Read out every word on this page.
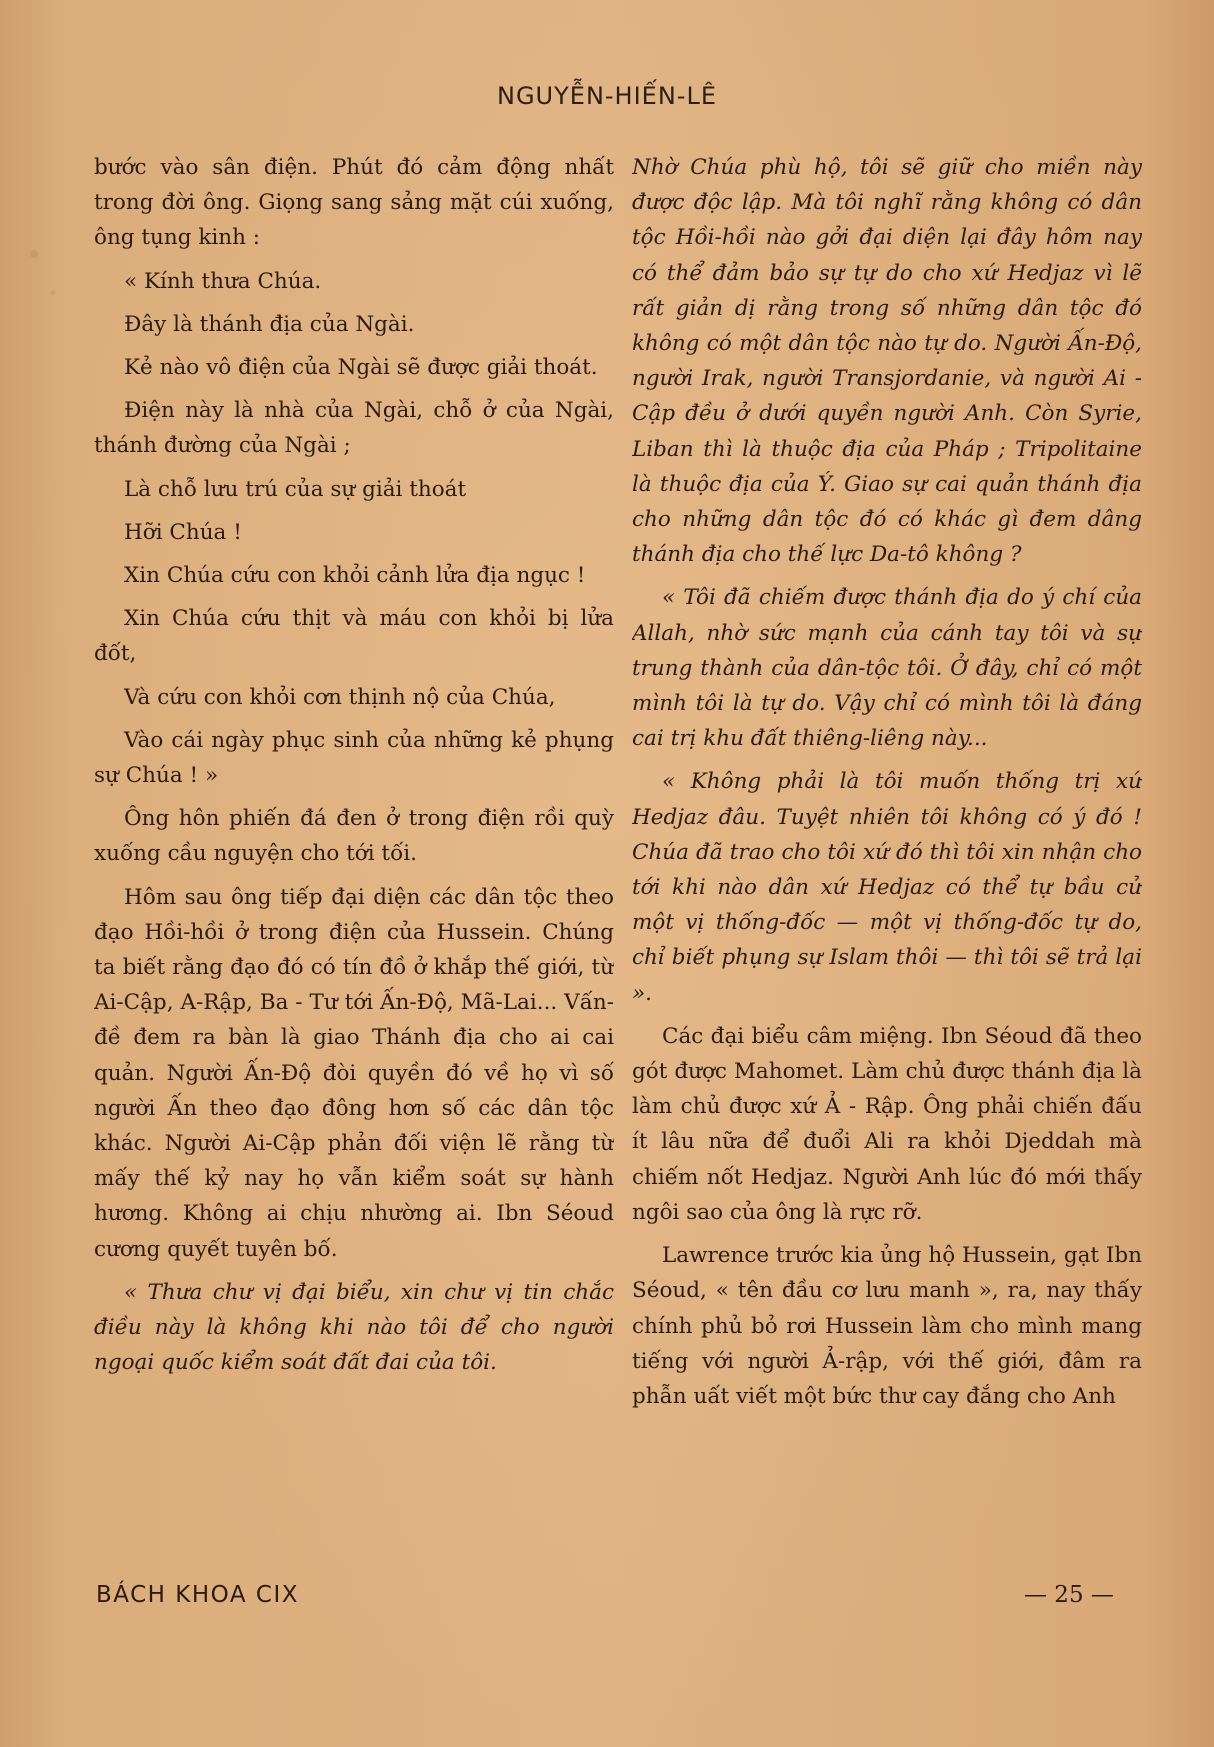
NGUYỄN-HIẾN-LÊ

bước vào sân điện. Phút đó cảm động nhất trong đời ông. Giọng sang sảng mặt cúi xuống, ông tụng kinh :

« Kính thưa Chúa.

Đây là thánh địa của Ngài.

Kẻ nào vô điện của Ngài sẽ được giải thoát.

Điện này là nhà của Ngài, chỗ ở của Ngài, thánh đường của Ngài ;

Là chỗ lưu trú của sự giải thoát

Hỡi Chúa !

Xin Chúa cứu con khỏi cảnh lửa địa ngục !

Xin Chúa cứu thịt và máu con khỏi bị lửa đốt,

Và cứu con khỏi cơn thịnh nộ của Chúa,

Vào cái ngày phục sinh của những kẻ phụng sự Chúa ! »

Ông hôn phiến đá đen ở trong điện rồi quỳ xuống cầu nguyện cho tới tối.

Hôm sau ông tiếp đại diện các dân tộc theo đạo Hồi-hồi ở trong điện của Hussein. Chúng ta biết rằng đạo đó có tín đồ ở khắp thế giới, từ Ai-Cập, A-Rập, Ba - Tư tới Ấn-Độ, Mã-Lai... Vấn-đề đem ra bàn là giao Thánh địa cho ai cai quản. Người Ấn-Độ đòi quyền đó về họ vì số người Ấn theo đạo đông hơn số các dân tộc khác. Người Ai-Cập phản đối viện lẽ rằng từ mấy thế kỷ nay họ vẫn kiểm soát sự hành hương. Không ai chịu nhường ai. Ibn Séoud cương quyết tuyên bố.

« Thưa chư vị đại biểu, xin chư vị tin chắc điều này là không khi nào tôi để cho người ngoại quốc kiểm soát đất đai của tôi.

Nhờ Chúa phù hộ, tôi sẽ giữ cho miền này được độc lập. Mà tôi nghĩ rằng không có dân tộc Hồi-hồi nào gởi đại diện lại đây hôm nay có thể đảm bảo sự tự do cho xứ Hedjaz vì lẽ rất giản dị rằng trong số những dân tộc đó không có một dân tộc nào tự do. Người Ấn-Độ, người Irak, người Transjordanie, và người Ai - Cập đều ở dưới quyền người Anh. Còn Syrie, Liban thì là thuộc địa của Pháp ; Tripolitaine là thuộc địa của Ý. Giao sự cai quản thánh địa cho những dân tộc đó có khác gì đem dâng thánh địa cho thế lực Da-tô không ?

« Tôi đã chiếm được thánh địa do ý chí của Allah, nhờ sức mạnh của cánh tay tôi và sự trung thành của dân-tộc tôi. Ở đây, chỉ có một mình tôi là tự do. Vậy chỉ có mình tôi là đáng cai trị khu đất thiêng-liêng này...

« Không phải là tôi muốn thống trị xứ Hedjaz đâu. Tuyệt nhiên tôi không có ý đó ! Chúa đã trao cho tôi xứ đó thì tôi xin nhận cho tới khi nào dân xứ Hedjaz có thể tự bầu cử một vị thống-đốc — một vị thống-đốc tự do, chỉ biết phụng sự Islam thôi — thì tôi sẽ trả lại ».

Các đại biểu câm miệng. Ibn Séoud đã theo gót được Mahomet. Làm chủ được thánh địa là làm chủ được xứ Ả - Rập. Ông phải chiến đấu ít lâu nữa để đuổi Ali ra khỏi Djeddah mà chiếm nốt Hedjaz. Người Anh lúc đó mới thấy ngôi sao của ông là rực rỡ.

Lawrence trước kia ủng hộ Hussein, gạt Ibn Séoud, « tên đầu cơ lưu manh », ra, nay thấy chính phủ bỏ rơi Hussein làm cho mình mang tiếng với người Ả-rập, với thế giới, đâm ra phẫn uất viết một bức thư cay đắng cho Anh

BÁCH KHOA CIX	— 25 —
